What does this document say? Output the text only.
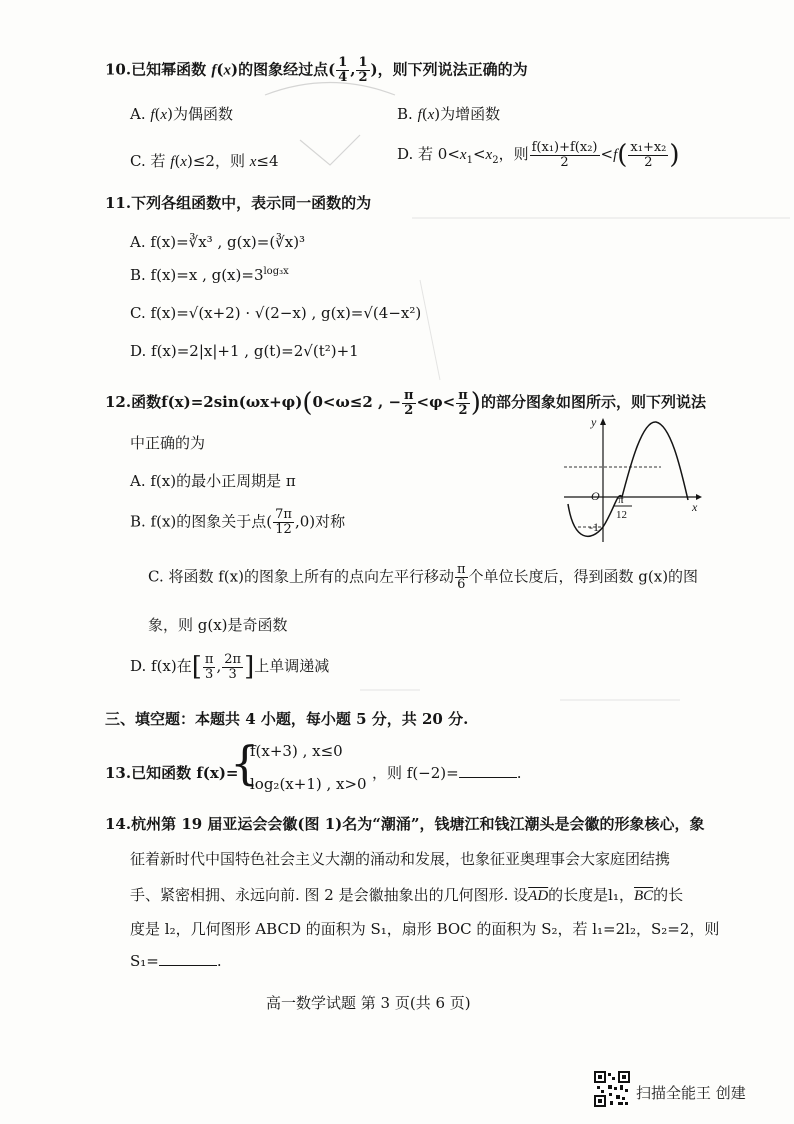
10.已知幂函数 f(x)的图象经过点( $\frac{1}{4}$ , $\frac{1}{2}$ )，则下列说法正确的为
A. f(x)为偶函数	B. f(x)为增函数
C. 若 f(x)≤2，则 x≤4	D. 若 $0<x_1<x_2$，则 $\frac{\text{f(x₁)+f(x₂)}}{2} <f( \frac{\text{x₁+x₂}}{2}$ )
11.下列各组函数中，表示同一函数的为
A. f(x)=∛x³ , g(x)=(∛x)³
B. f(x)=x , $g(x)=3^{log_3x}$
C. f(x)=√(x+2) · √(2−x) , g(x)=√(4−x²)
D. f(x)=2|x|+1 , g(t)=2√(t²)+1
12.函数f(x)=2sin(ωx+φ)(0<ω≤2 , − $\frac{\pi}{2} <\varphi< \frac{\pi}{2}$ )的部分图象如图所示，则下列说法
中正确的为
A. f(x)的最小正周期是 π
B. f(x)的图象关于点( $\frac{7\pi}{12} ,0$)对称
C. 将函数 f(x)的图象上所有的点向左平行移动 $\frac{\pi}{6}$ 个单位长度后，得到函数 g(x)的图
象，则 g(x)是奇函数
D. f(x)在[ $\frac{\pi}{3}$ , $\frac{2\pi}{3}$ ]上单调递减
y
x
O
-1
π
12
三、填空题：本题共 4 小题，每小题 5 分，共 20 分.
13.已知函数 f(x)=
{
f(x+3) , x≤0
log₂(x+1) , x>0
，则 f(−2)=	.
14.杭州第 19 届亚运会会徽(图 1)名为“潮涌”，钱塘江和钱江潮头是会徽的形象核心，象
征着新时代中国特色社会主义大潮的涌动和发展，也象征亚奥理事会大家庭团结携
手、紧密相拥、永远向前. 图 2 是会徽抽象出的几何图形. 设$\overline{AD}$的长度是l₁，$\overline{BC}$的长
度是 l₂，几何图形 ABCD 的面积为 S₁，扇形 BOC 的面积为 S₂，若 l₁=2l₂，S₂=2，则
S₁=	.
高一数学试题 第 3 页(共 6 页)
扫描全能王 创建
